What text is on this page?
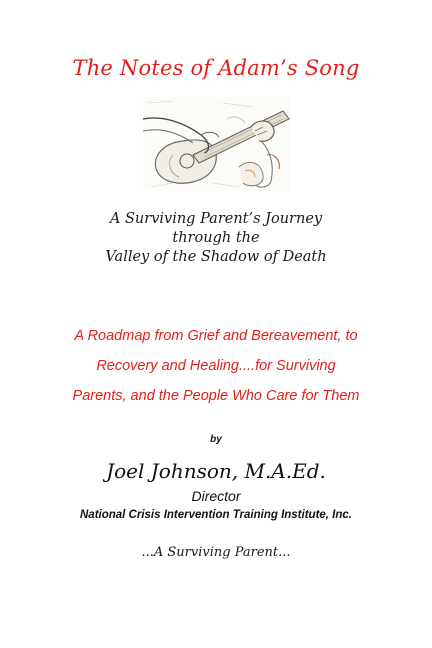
The Notes of Adam’s Song
A Surviving Parent’s Journey
through the
Valley of the Shadow of Death
A Roadmap from Grief and Bereavement, to
Recovery and Healing....for Surviving
Parents, and the People Who Care for Them
by
Joel Johnson, M.A.Ed.
Director
National Crisis Intervention Training Institute, Inc.
...A Surviving Parent...
